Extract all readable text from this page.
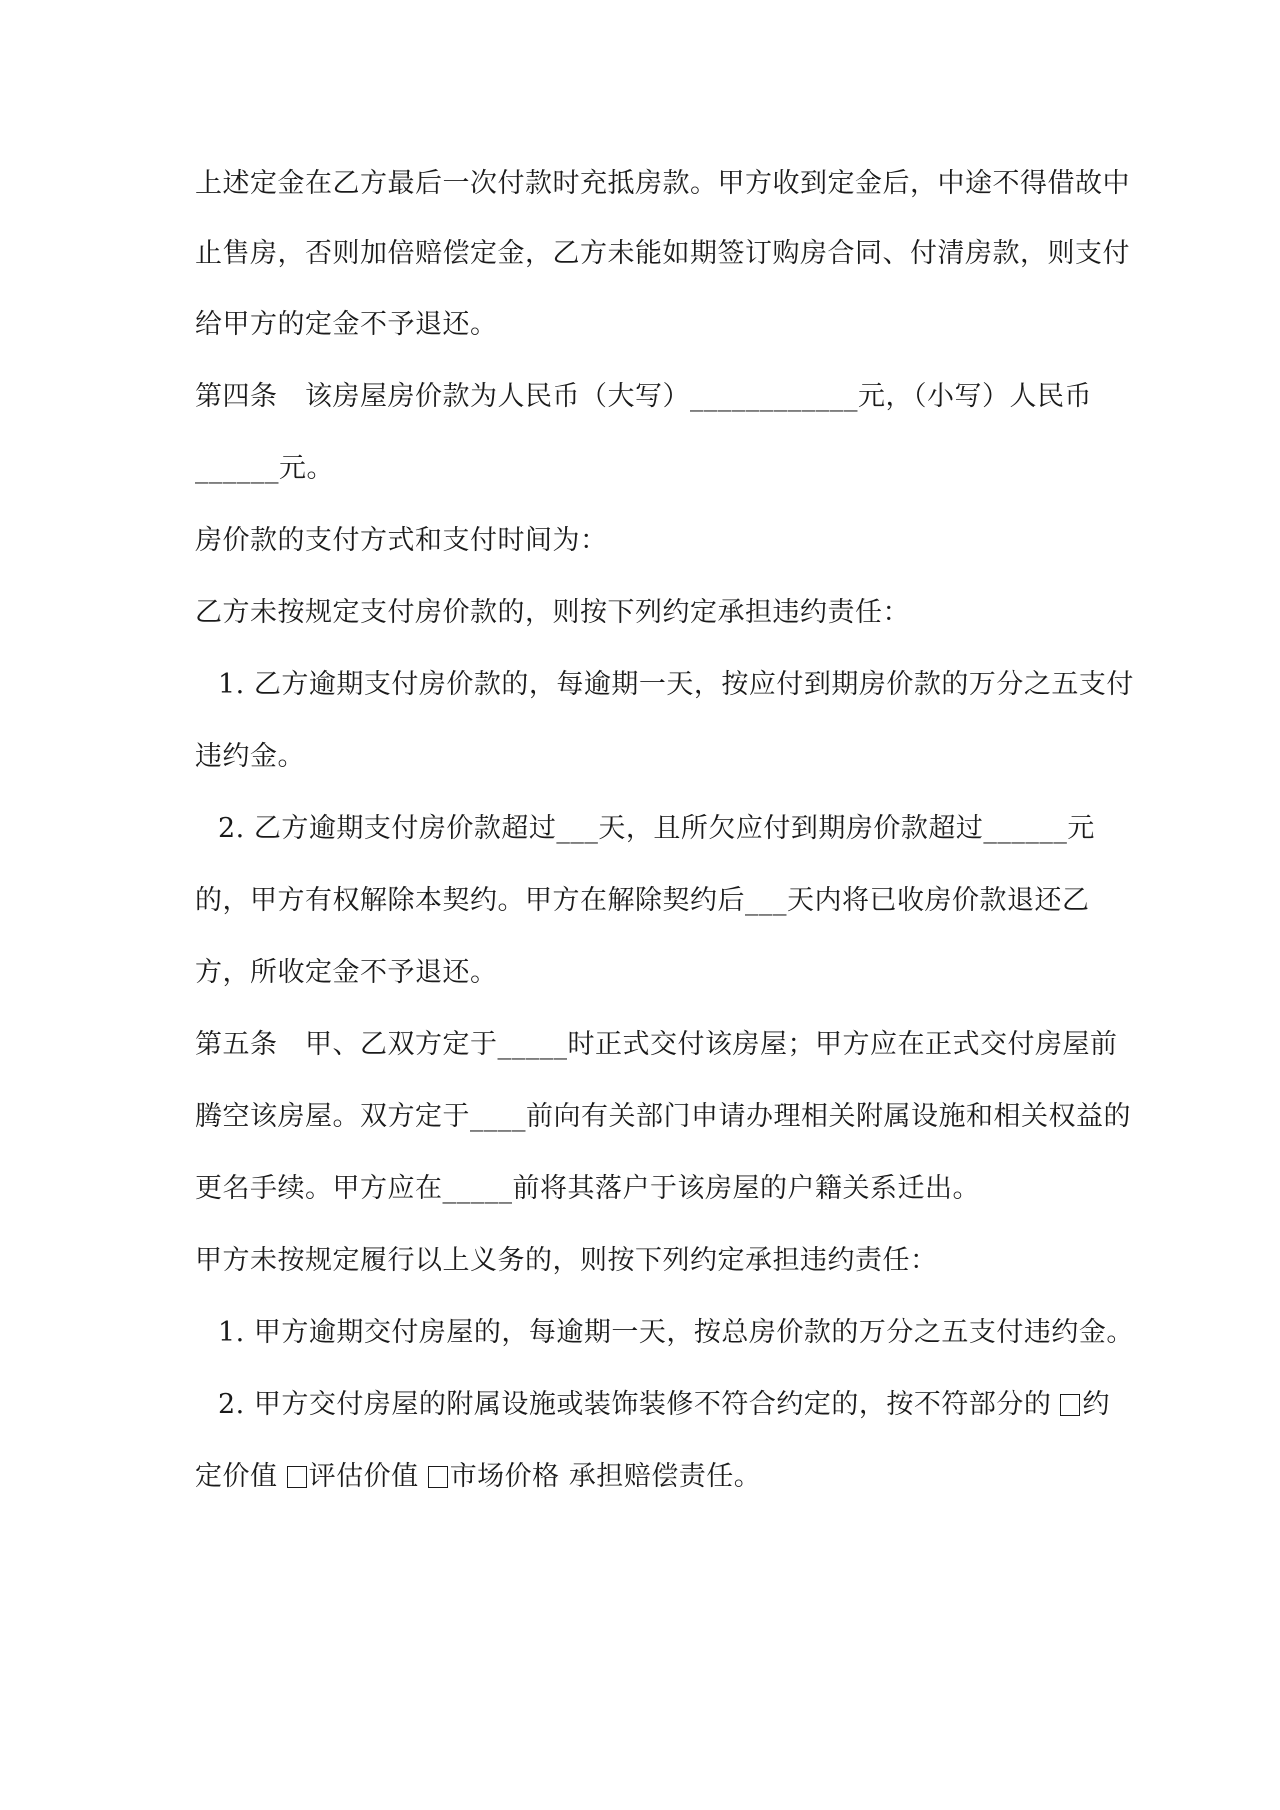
上述定金在乙方最后一次付款时充抵房款。甲方收到定金后，中途不得借故中
止售房，否则加倍赔偿定金，乙方未能如期签订购房合同、付清房款，则支付
给甲方的定金不予退还。
第四条　该房屋房价款为人民币（大写）____________元，（小写）人民币
______元。
房价款的支付方式和支付时间为：
乙方未按规定支付房价款的，则按下列约定承担违约责任：
1. 乙方逾期支付房价款的，每逾期一天，按应付到期房价款的万分之五支付
违约金。
2. 乙方逾期支付房价款超过___天，且所欠应付到期房价款超过______元
的，甲方有权解除本契约。甲方在解除契约后___天内将已收房价款退还乙
方，所收定金不予退还。
第五条　甲、乙双方定于_____时正式交付该房屋；甲方应在正式交付房屋前
腾空该房屋。双方定于____前向有关部门申请办理相关附属设施和相关权益的
更名手续。甲方应在_____前将其落户于该房屋的户籍关系迁出。
甲方未按规定履行以上义务的，则按下列约定承担违约责任：
1. 甲方逾期交付房屋的，每逾期一天，按总房价款的万分之五支付违约金。
2. 甲方交付房屋的附属设施或装饰装修不符合约定的，按不符部分的 约
定价值 评估价值 市场价格 承担赔偿责任。
